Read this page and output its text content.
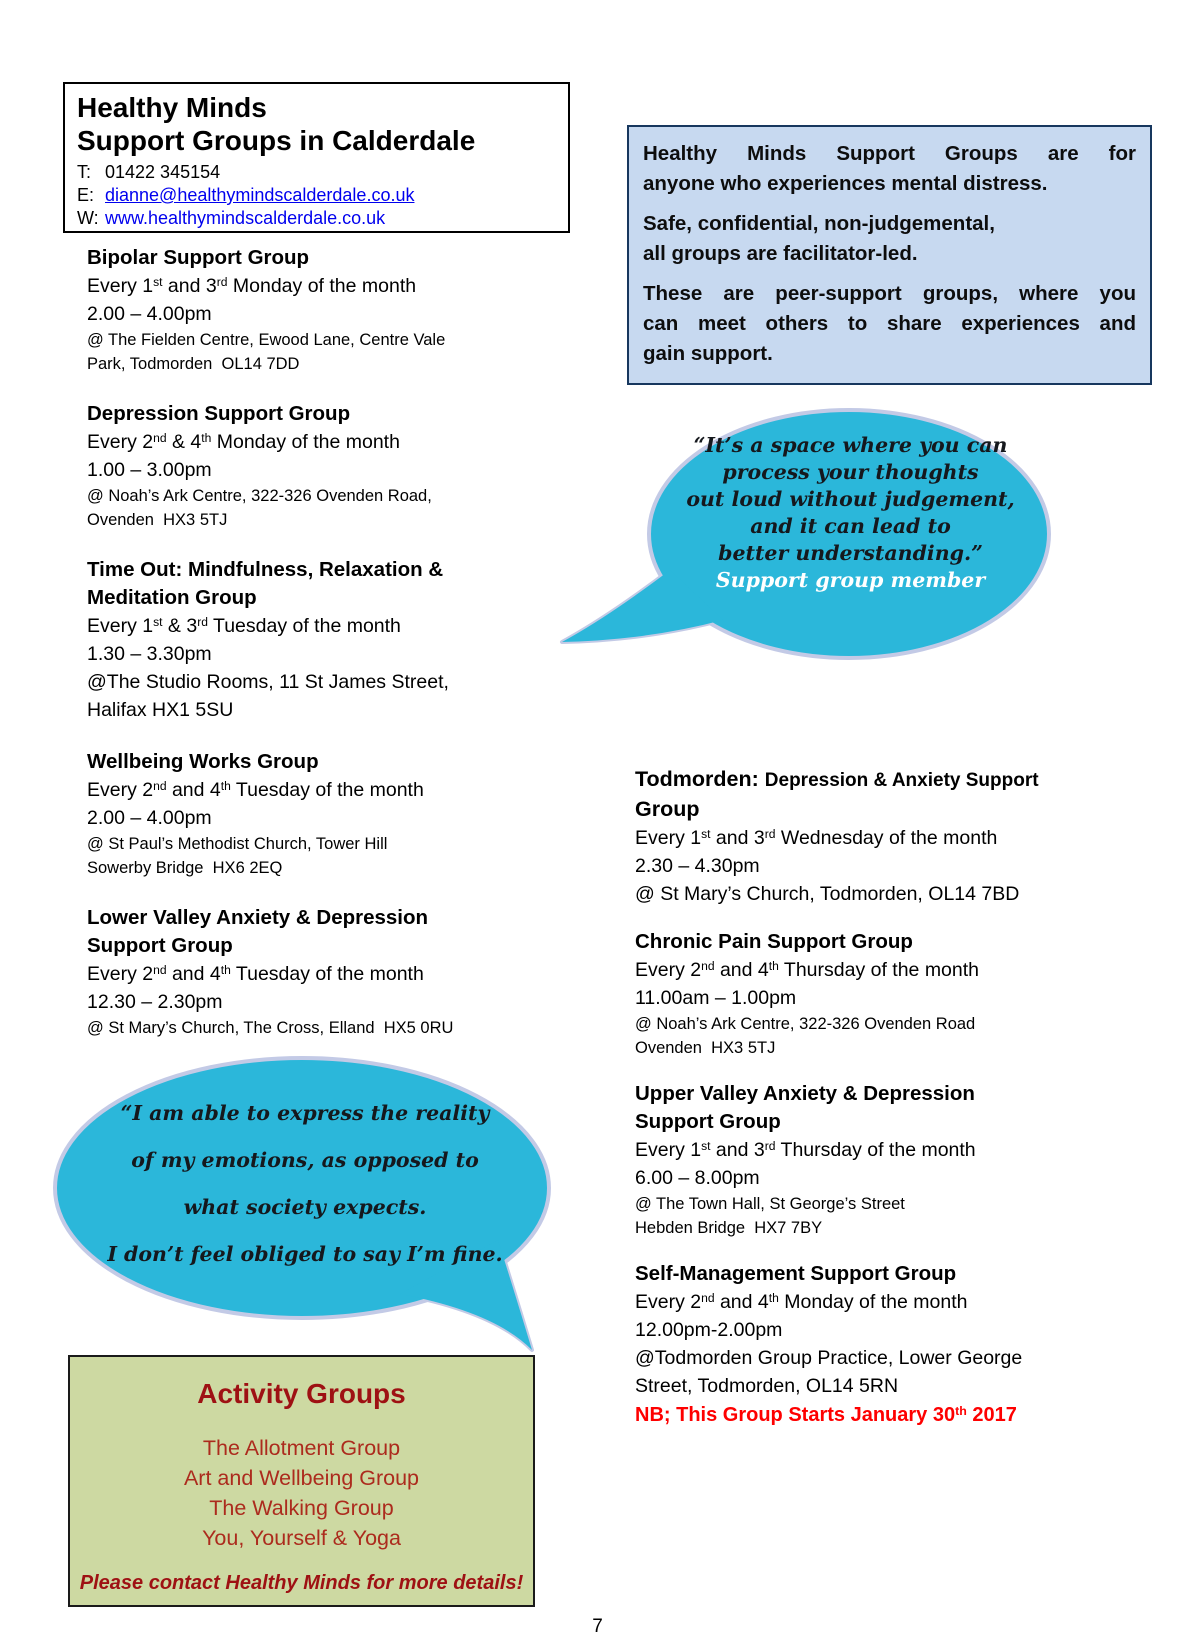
Healthy Minds
Support Groups in Calderdale
T: 01422 345154
E: dianne@healthymindscalderdale.co.uk
W: www.healthymindscalderdale.co.uk
Healthy Minds Support Groups are for
anyone who experiences mental distress.
Safe, confidential, non-judgemental,
all groups are facilitator-led.
These are peer-support groups, where you
can meet others to share experiences and
gain support.
“It’s a space where you can
process your thoughts
out loud without judgement,
and it can lead to
better understanding.”
Support group member
Bipolar Support Group
Every 1st and 3rd Monday of the month
2.00 – 4.00pm
@ The Fielden Centre, Ewood Lane, Centre Vale
Park, Todmorden  OL14 7DD
Depression Support Group
Every 2nd & 4th Monday of the month
1.00 – 3.00pm
@ Noah’s Ark Centre, 322-326 Ovenden Road,
Ovenden  HX3 5TJ
Time Out: Mindfulness, Relaxation &
Meditation Group
Every 1st & 3rd Tuesday of the month
1.30 – 3.30pm
@The Studio Rooms, 11 St James Street,
Halifax HX1 5SU
Wellbeing Works Group
Every 2nd and 4th Tuesday of the month
2.00 – 4.00pm
@ St Paul’s Methodist Church, Tower Hill
Sowerby Bridge  HX6 2EQ
Lower Valley Anxiety & Depression
Support Group
Every 2nd and 4th Tuesday of the month
12.30 – 2.30pm
@ St Mary’s Church, The Cross, Elland  HX5 0RU
Todmorden: Depression & Anxiety Support
Group
Every 1st and 3rd Wednesday of the month
2.30 – 4.30pm
@ St Mary’s Church, Todmorden, OL14 7BD
Chronic Pain Support Group
Every 2nd and 4th Thursday of the month
11.00am – 1.00pm
@ Noah’s Ark Centre, 322-326 Ovenden Road
Ovenden  HX3 5TJ
Upper Valley Anxiety & Depression
Support Group
Every 1st and 3rd Thursday of the month
6.00 – 8.00pm
@ The Town Hall, St George’s Street
Hebden Bridge  HX7 7BY
Self-Management Support Group
Every 2nd and 4th Monday of the month
12.00pm-2.00pm
@Todmorden Group Practice, Lower George
Street, Todmorden, OL14 5RN
NB; This Group Starts January 30th 2017
“I am able to express the reality
of my emotions, as opposed to
what society expects.
I don’t feel obliged to say I’m fine.
Activity Groups
The Allotment Group
Art and Wellbeing Group
The Walking Group
You, Yourself & Yoga
Please contact Healthy Minds for more details!
7
